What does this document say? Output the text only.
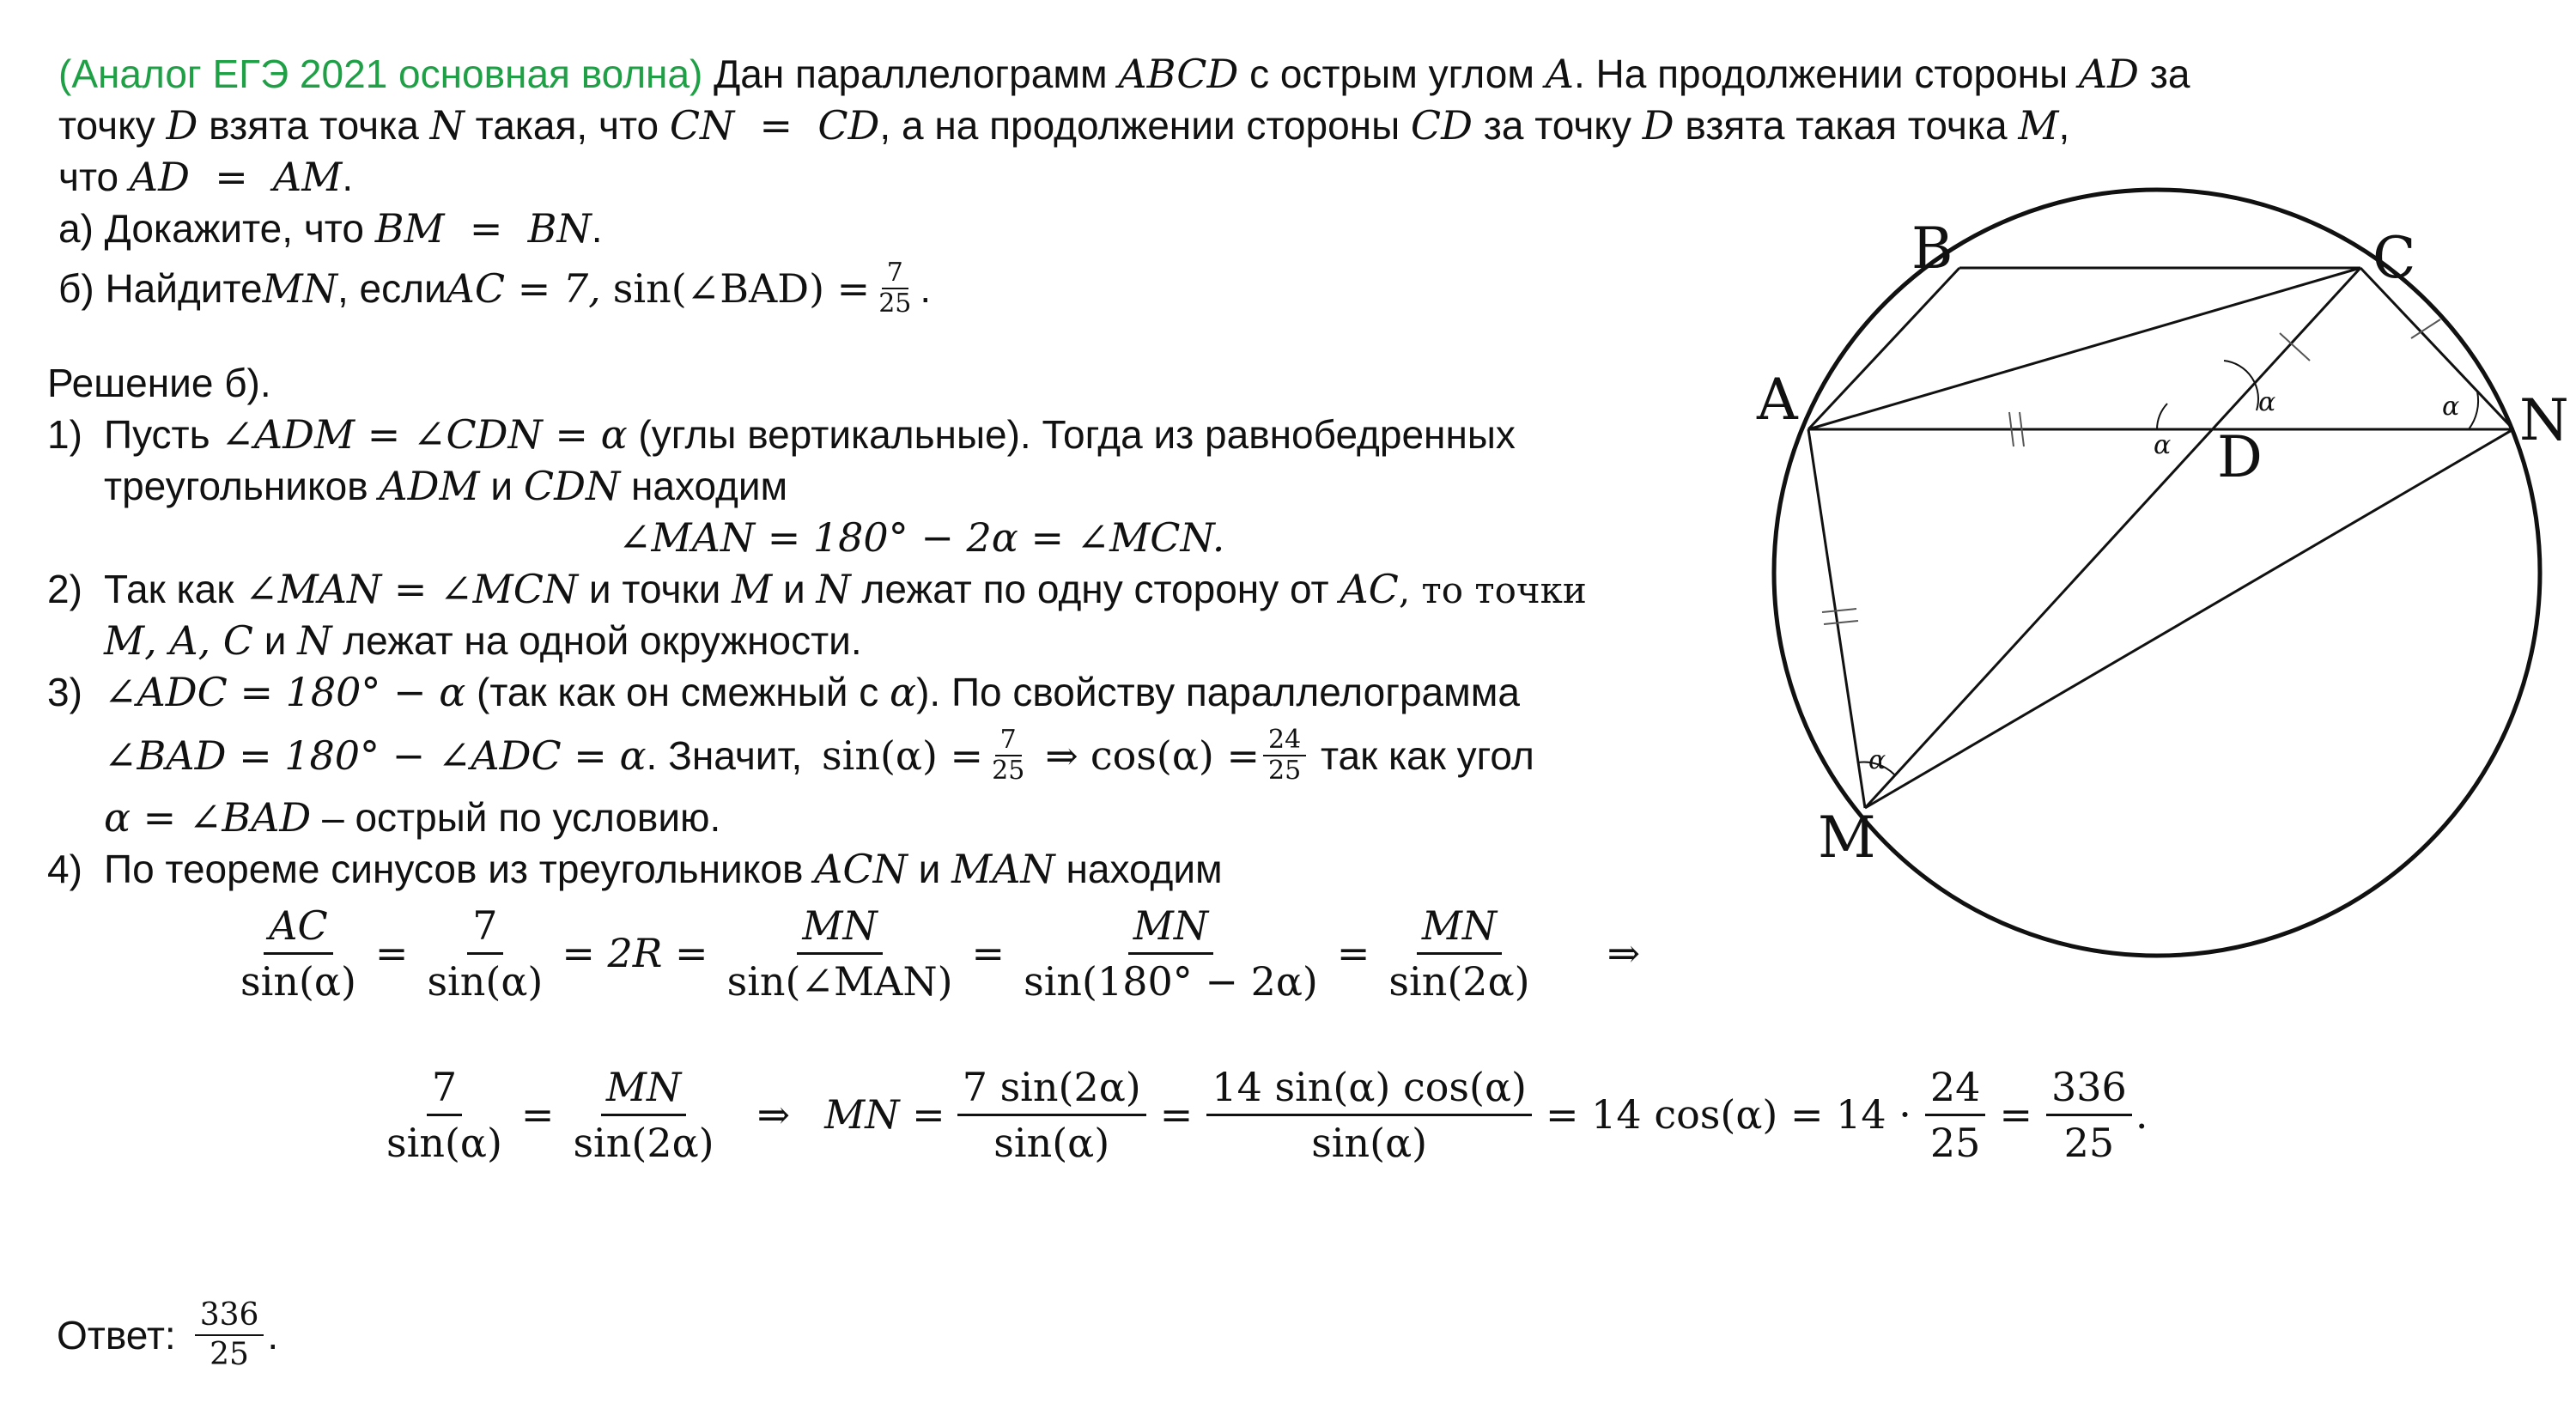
(Аналог ЕГЭ 2021 основная волна) Дан параллелограмм ABCD с острым углом A. На продолжении стороны AD за
точку D взята точка N такая, что CN  =  CD, а на продолжении стороны CD за точку D взята такая точка M,
что AD  =  AM.
а) Докажите, что BM  =  BN.
б) Найдите MN , если AC = 7, sin(∠BAD) = $\frac{7}{25}$ .
Решение б).
1) Пусть ∠ADM = ∠CDN = α (углы вертикальные). Тогда из равнобедренных
треугольников ADM и CDN находим
∠MAN = 180° − 2α = ∠MCN.
2) Так как ∠MAN = ∠MCN и точки M и N лежат по одну сторону от AC, то точки
M, A, C и N лежат на одной окружности.
3) ∠ADC = 180° − α (так как он смежный с α). По свойству параллелограмма
∠BAD = 180° − ∠ADC = α . Значит, $\sin(\alpha) = \frac{7}{25}$ ⇒ $\cos(\alpha) = \frac{24}{25}$ так как угол
α = ∠BAD – острый по условию.
4) По теореме синусов из треугольников ACN и MAN находим
$\frac{AC}{\sin(\alpha)} = \frac{7}{\sin(\alpha)} = 2R = \frac{MN}{\text{sin(∠MAN)}} = \frac{MN}{\sin(180^\circ - 2\alpha)} = \frac{MN}{\sin(2\alpha)}$ ⇒
$\frac{7}{\sin(\alpha)} = \frac{MN}{\sin(2\alpha)}$ ⇒ MN = $\frac{7 \sin(2\alpha)}{\sin(\alpha)} = \frac{14 \sin(\alpha) \cos(\alpha)}{\sin(\alpha)} = 14$ $\cos(\alpha) = 14 \cdot \frac{24}{25} = \frac{336}{25}$ .
Ответ: $\frac{336}{25}$ .
A
B	C
D
N
M
α
α
α
α
